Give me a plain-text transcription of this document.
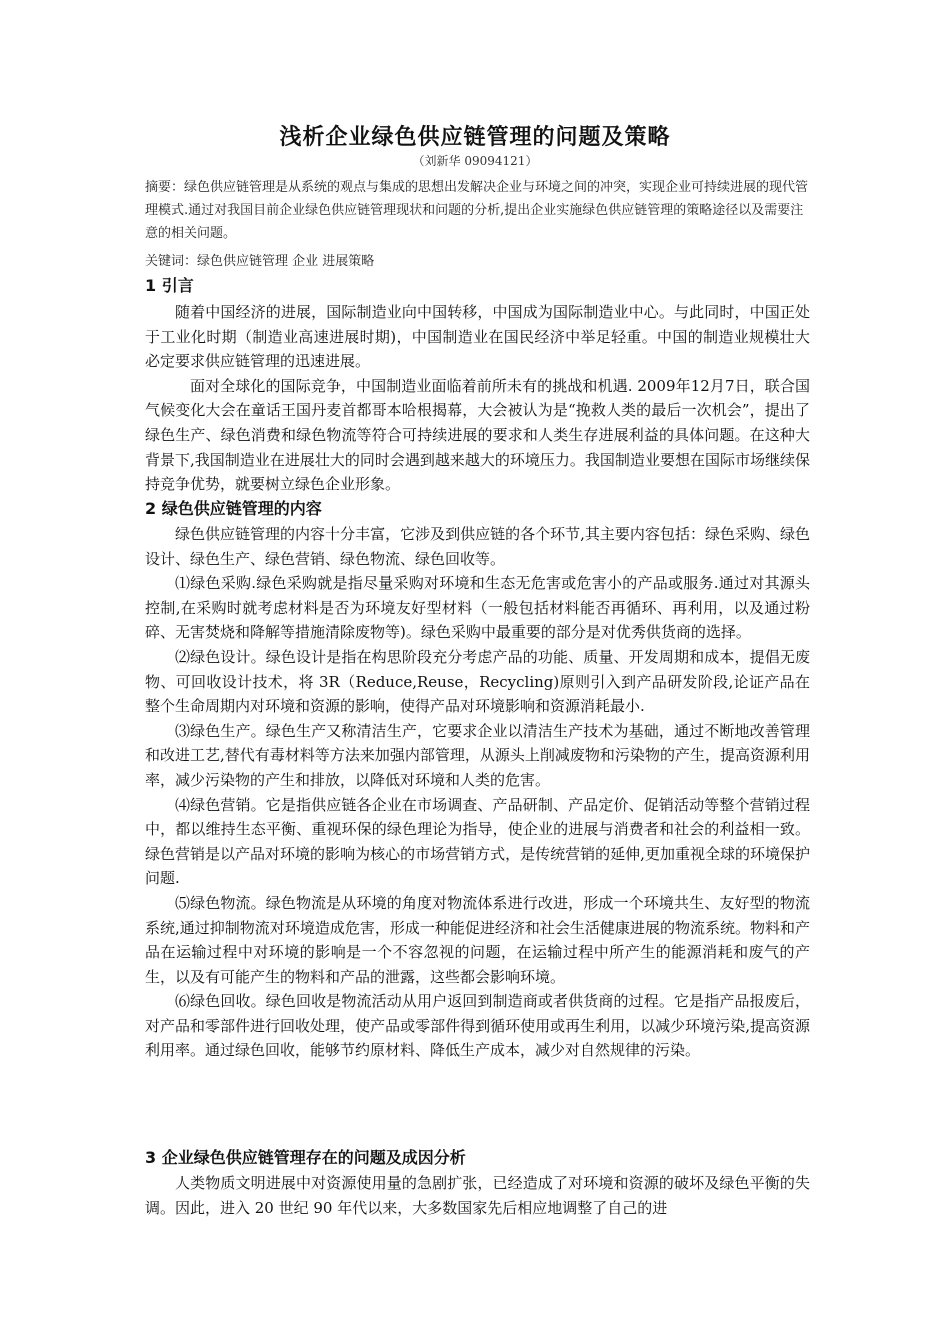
浅析企业绿色供应链管理的问题及策略
（刘新华 09094121）

摘要：绿色供应链管理是从系统的观点与集成的思想出发解决企业与环境之间的冲突，实现企业可持续进展的现代管理模式.通过对我国目前企业绿色供应链管理现状和问题的分析,提出企业实施绿色供应链管理的策略途径以及需要注意的相关问题。

关键词：绿色供应链管理 企业 进展策略

1 引言

随着中国经济的进展，国际制造业向中国转移，中国成为国际制造业中心。与此同时，中国正处于工业化时期（制造业高速进展时期)，中国制造业在国民经济中举足轻重。中国的制造业规模壮大必定要求供应链管理的迅速进展。

面对全球化的国际竞争，中国制造业面临着前所未有的挑战和机遇. 2009年12月7日，联合国气候变化大会在童话王国丹麦首都哥本哈根揭幕，大会被认为是“挽救人类的最后一次机会”，提出了绿色生产、绿色消费和绿色物流等符合可持续进展的要求和人类生存进展利益的具体问题。在这种大背景下,我国制造业在进展壮大的同时会遇到越来越大的环境压力。我国制造业要想在国际市场继续保持竞争优势，就要树立绿色企业形象。

2 绿色供应链管理的内容

绿色供应链管理的内容十分丰富，它涉及到供应链的各个环节,其主要内容包括：绿色采购、绿色设计、绿色生产、绿色营销、绿色物流、绿色回收等。

⑴绿色采购.绿色采购就是指尽量采购对环境和生态无危害或危害小的产品或服务.通过对其源头控制,在采购时就考虑材料是否为环境友好型材料（一般包括材料能否再循环、再利用，以及通过粉碎、无害焚烧和降解等措施清除废物等)。绿色采购中最重要的部分是对优秀供货商的选择。

⑵绿色设计。绿色设计是指在构思阶段充分考虑产品的功能、质量、开发周期和成本，提倡无废物、可回收设计技术，将 3R（Reduce,Reuse，Recycling)原则引入到产品研发阶段,论证产品在整个生命周期内对环境和资源的影响，使得产品对环境影响和资源消耗最小.

⑶绿色生产。绿色生产又称清洁生产，它要求企业以清洁生产技术为基础，通过不断地改善管理和改进工艺,替代有毒材料等方法来加强内部管理，从源头上削减废物和污染物的产生，提高资源利用率，减少污染物的产生和排放，以降低对环境和人类的危害。

⑷绿色营销。它是指供应链各企业在市场调查、产品研制、产品定价、促销活动等整个营销过程中，都以维持生态平衡、重视环保的绿色理论为指导，使企业的进展与消费者和社会的利益相一致。绿色营销是以产品对环境的影响为核心的市场营销方式，是传统营销的延伸,更加重视全球的环境保护问题.

⑸绿色物流。绿色物流是从环境的角度对物流体系进行改进，形成一个环境共生、友好型的物流系统,通过抑制物流对环境造成危害，形成一种能促进经济和社会生活健康进展的物流系统。物料和产品在运输过程中对环境的影响是一个不容忽视的问题，在运输过程中所产生的能源消耗和废气的产生，以及有可能产生的物料和产品的泄露，这些都会影响环境。

⑹绿色回收。绿色回收是物流活动从用户返回到制造商或者供货商的过程。它是指产品报废后，对产品和零部件进行回收处理，使产品或零部件得到循环使用或再生利用，以减少环境污染,提高资源利用率。通过绿色回收，能够节约原材料、降低生产成本，减少对自然规律的污染。

3 企业绿色供应链管理存在的问题及成因分析

人类物质文明进展中对资源使用量的急剧扩张，已经造成了对环境和资源的破坏及绿色平衡的失调。因此，进入 20 世纪 90 年代以来，大多数国家先后相应地调整了自己的进
